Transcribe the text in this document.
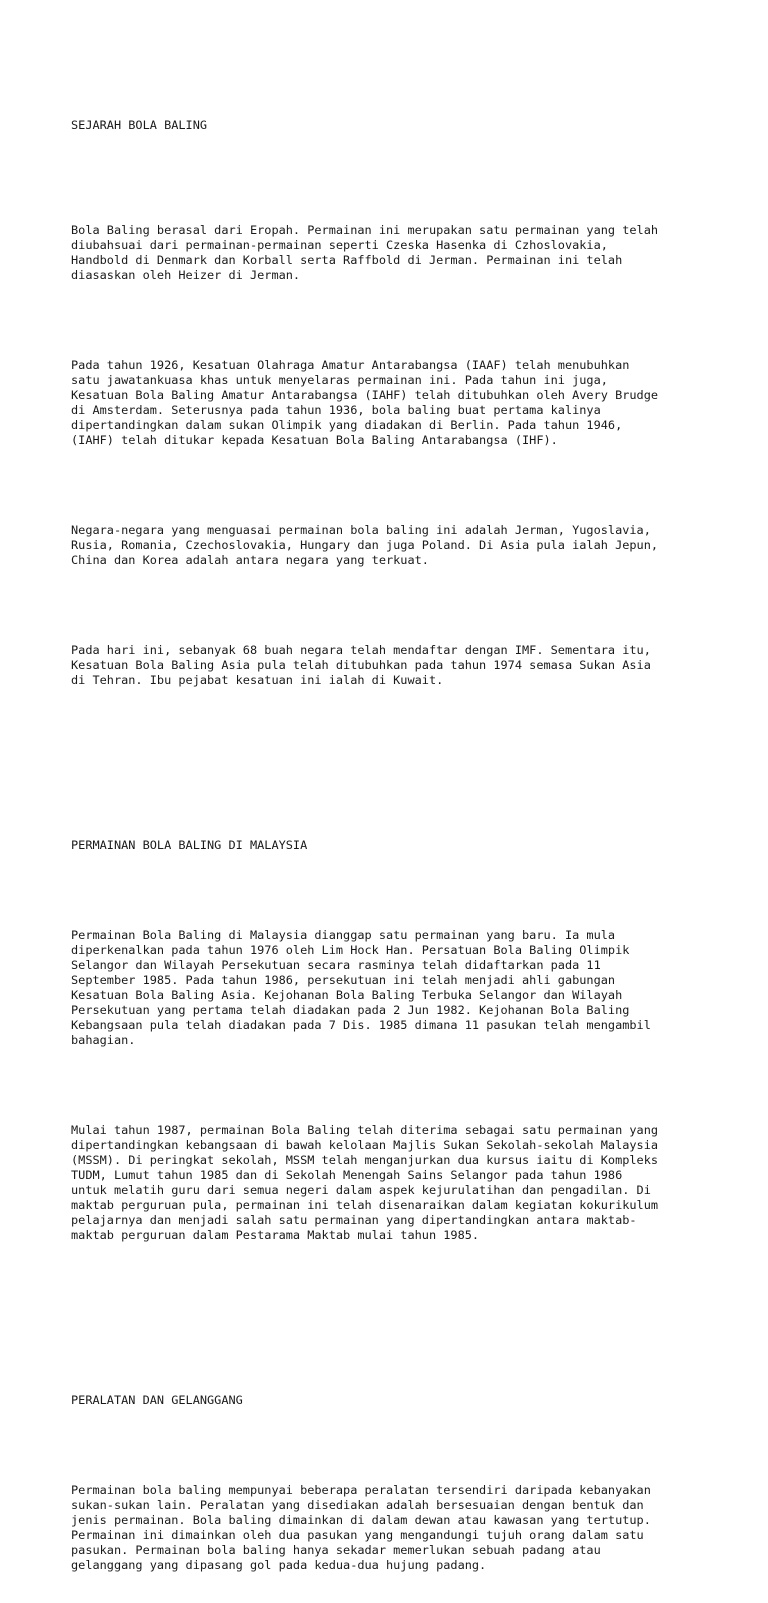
SEJARAH BOLA BALING

Bola Baling berasal dari Eropah. Permainan ini merupakan satu permainan yang telah
diubahsuai dari permainan-permainan seperti Czeska Hasenka di Czhoslovakia,
Handbold di Denmark dan Korball serta Raffbold di Jerman. Permainan ini telah
diasaskan oleh Heizer di Jerman.

Pada tahun 1926, Kesatuan Olahraga Amatur Antarabangsa (IAAF) telah menubuhkan
satu jawatankuasa khas untuk menyelaras permainan ini. Pada tahun ini juga,
Kesatuan Bola Baling Amatur Antarabangsa (IAHF) telah ditubuhkan oleh Avery Brudge
di Amsterdam. Seterusnya pada tahun 1936, bola baling buat pertama kalinya
dipertandingkan dalam sukan Olimpik yang diadakan di Berlin. Pada tahun 1946,
(IAHF) telah ditukar kepada Kesatuan Bola Baling Antarabangsa (IHF).

Negara-negara yang menguasai permainan bola baling ini adalah Jerman, Yugoslavia,
Rusia, Romania, Czechoslovakia, Hungary dan juga Poland. Di Asia pula ialah Jepun,
China dan Korea adalah antara negara yang terkuat.

Pada hari ini, sebanyak 68 buah negara telah mendaftar dengan IMF. Sementara itu,
Kesatuan Bola Baling Asia pula telah ditubuhkan pada tahun 1974 semasa Sukan Asia
di Tehran. Ibu pejabat kesatuan ini ialah di Kuwait.

PERMAINAN BOLA BALING DI MALAYSIA

Permainan Bola Baling di Malaysia dianggap satu permainan yang baru. Ia mula
diperkenalkan pada tahun 1976 oleh Lim Hock Han. Persatuan Bola Baling Olimpik
Selangor dan Wilayah Persekutuan secara rasminya telah didaftarkan pada 11
September 1985. Pada tahun 1986, persekutuan ini telah menjadi ahli gabungan
Kesatuan Bola Baling Asia. Kejohanan Bola Baling Terbuka Selangor dan Wilayah
Persekutuan yang pertama telah diadakan pada 2 Jun 1982. Kejohanan Bola Baling
Kebangsaan pula telah diadakan pada 7 Dis. 1985 dimana 11 pasukan telah mengambil
bahagian.

Mulai tahun 1987, permainan Bola Baling telah diterima sebagai satu permainan yang
dipertandingkan kebangsaan di bawah kelolaan Majlis Sukan Sekolah-sekolah Malaysia
(MSSM). Di peringkat sekolah, MSSM telah menganjurkan dua kursus iaitu di Kompleks
TUDM, Lumut tahun 1985 dan di Sekolah Menengah Sains Selangor pada tahun 1986
untuk melatih guru dari semua negeri dalam aspek kejurulatihan dan pengadilan. Di
maktab perguruan pula, permainan ini telah disenaraikan dalam kegiatan kokurikulum
pelajarnya dan menjadi salah satu permainan yang dipertandingkan antara maktab-
maktab perguruan dalam Pestarama Maktab mulai tahun 1985.

PERALATAN DAN GELANGGANG

Permainan bola baling mempunyai beberapa peralatan tersendiri daripada kebanyakan
sukan-sukan lain. Peralatan yang disediakan adalah bersesuaian dengan bentuk dan
jenis permainan. Bola baling dimainkan di dalam dewan atau kawasan yang tertutup.
Permainan ini dimainkan oleh dua pasukan yang mengandungi tujuh orang dalam satu
pasukan. Permainan bola baling hanya sekadar memerlukan sebuah padang atau
gelanggang yang dipasang gol pada kedua-dua hujung padang.
